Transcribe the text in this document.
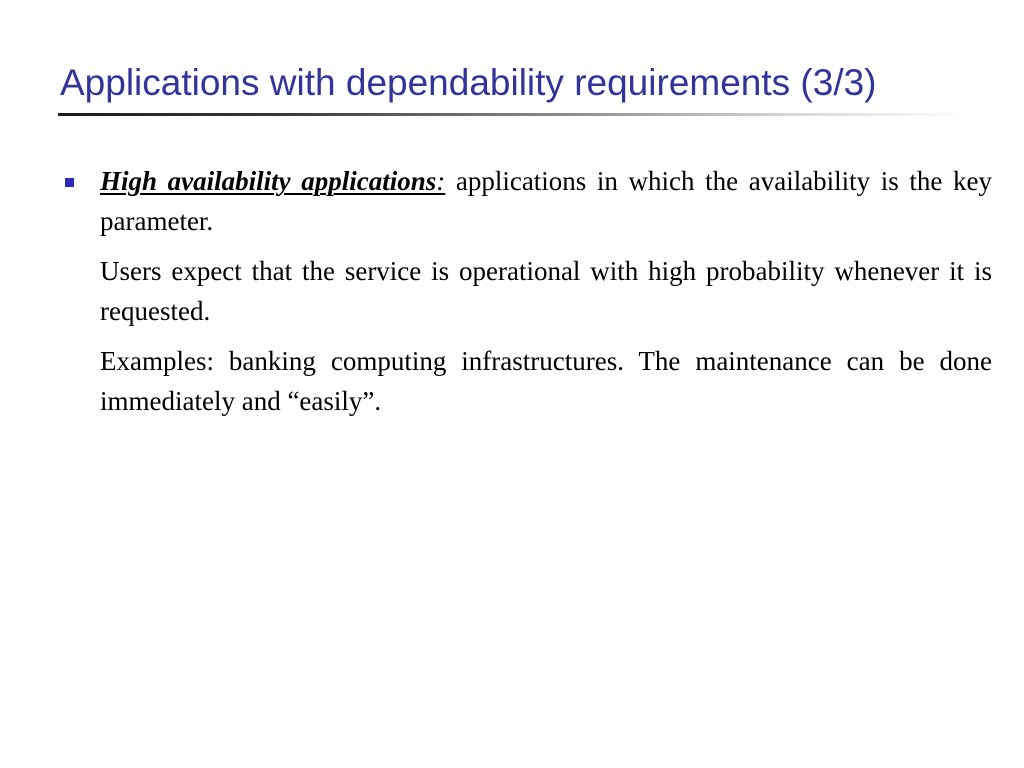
Applications with dependability requirements (3/3)

High availability applications: applications in which the availability is the key parameter.

Users expect that the service is operational with high probability whenever it is requested.

Examples: banking computing infrastructures. The maintenance can be done immediately and “easily”.
